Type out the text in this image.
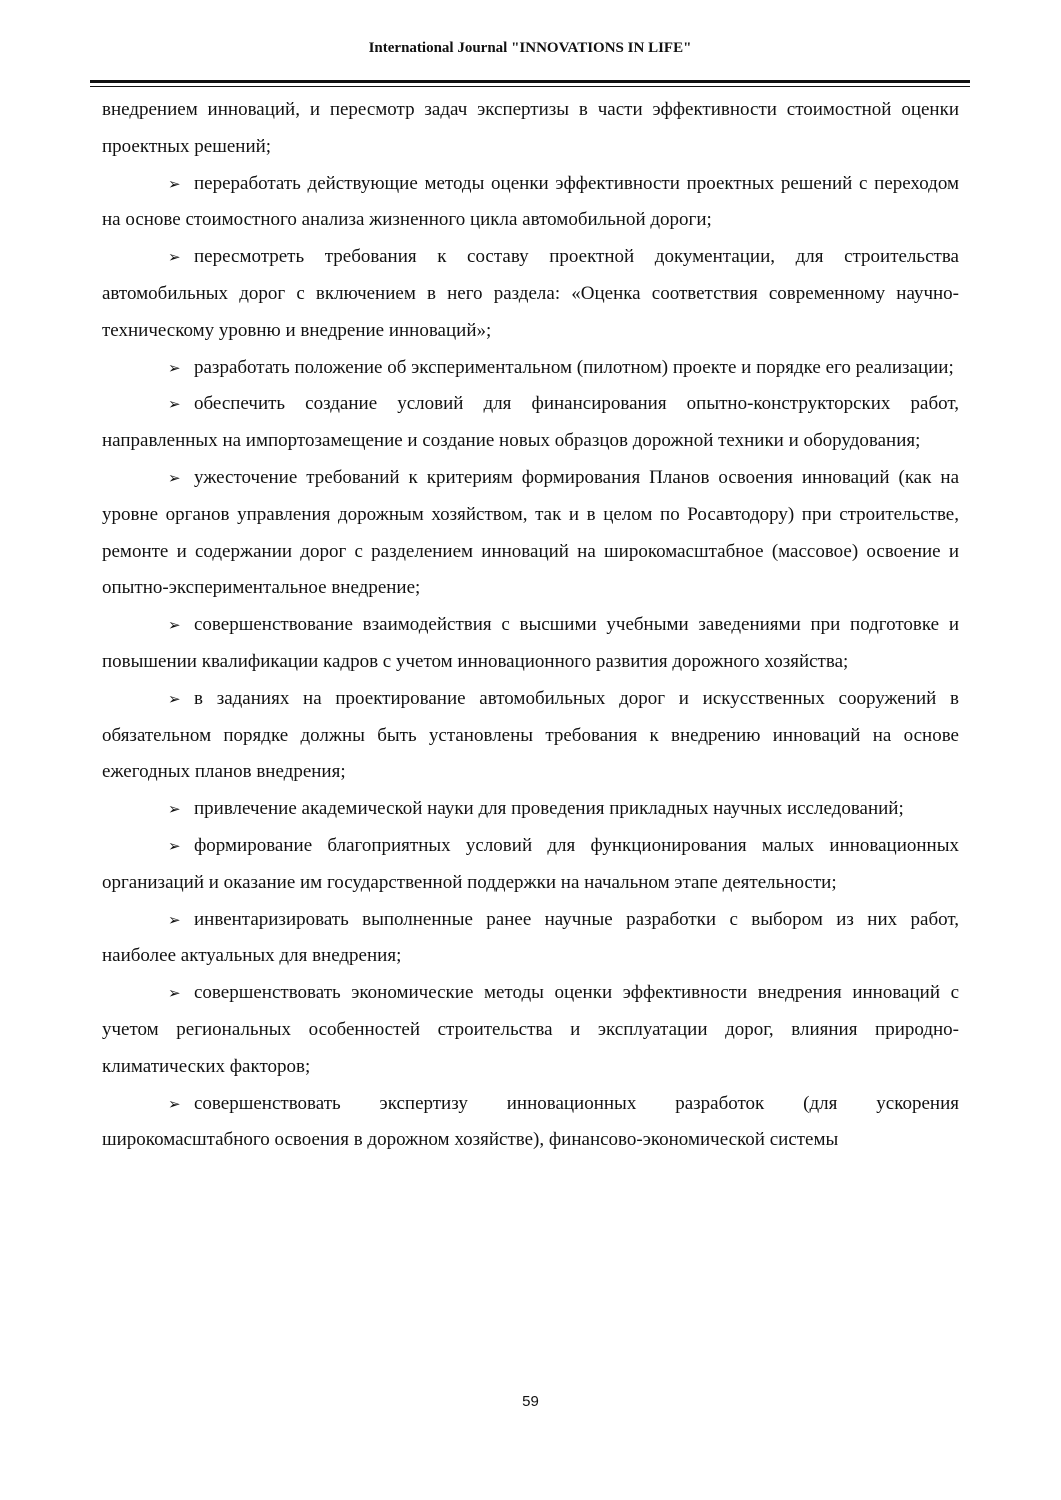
International Journal "INNOVATIONS IN LIFE"

внедрением инноваций, и пересмотр задач экспертизы в части эффективности стоимостной оценки проектных решений;

➢ переработать действующие методы оценки эффективности проектных решений с переходом на основе стоимостного анализа жизненного цикла автомобильной дороги;

➢ пересмотреть требования к составу проектной документации, для строительства автомобильных дорог с включением в него раздела: «Оценка соответствия современному научно-техническому уровню и внедрение инноваций»;

➢ разработать положение об экспериментальном (пилотном) проекте и порядке его реализации;

➢ обеспечить создание условий для финансирования опытно-конструкторских работ, направленных на импортозамещение и создание новых образцов дорожной техники и оборудования;

➢ ужесточение требований к критериям формирования Планов освоения инноваций (как на уровне органов управления дорожным хозяйством, так и в целом по Росавтодору) при строительстве, ремонте и содержании дорог с разделением инноваций на широкомасштабное (массовое) освоение и опытно-экспериментальное внедрение;

➢ совершенствование взаимодействия с высшими учебными заведениями при подготовке и повышении квалификации кадров с учетом инновационного развития дорожного хозяйства;

➢ в заданиях на проектирование автомобильных дорог и искусственных сооружений в обязательном порядке должны быть установлены требования к внедрению инноваций на основе ежегодных планов внедрения;

➢ привлечение академической науки для проведения прикладных научных исследований;

➢ формирование благоприятных условий для функционирования малых инновационных организаций и оказание им государственной поддержки на начальном этапе деятельности;

➢ инвентаризировать выполненные ранее научные разработки с выбором из них работ, наиболее актуальных для внедрения;

➢ совершенствовать экономические методы оценки эффективности внедрения инноваций с учетом региональных особенностей строительства и эксплуатации дорог, влияния природно-климатических факторов;

➢ совершенствовать экспертизу инновационных разработок (для ускорения широкомасштабного освоения в дорожном хозяйстве), финансово-экономической системы

59
